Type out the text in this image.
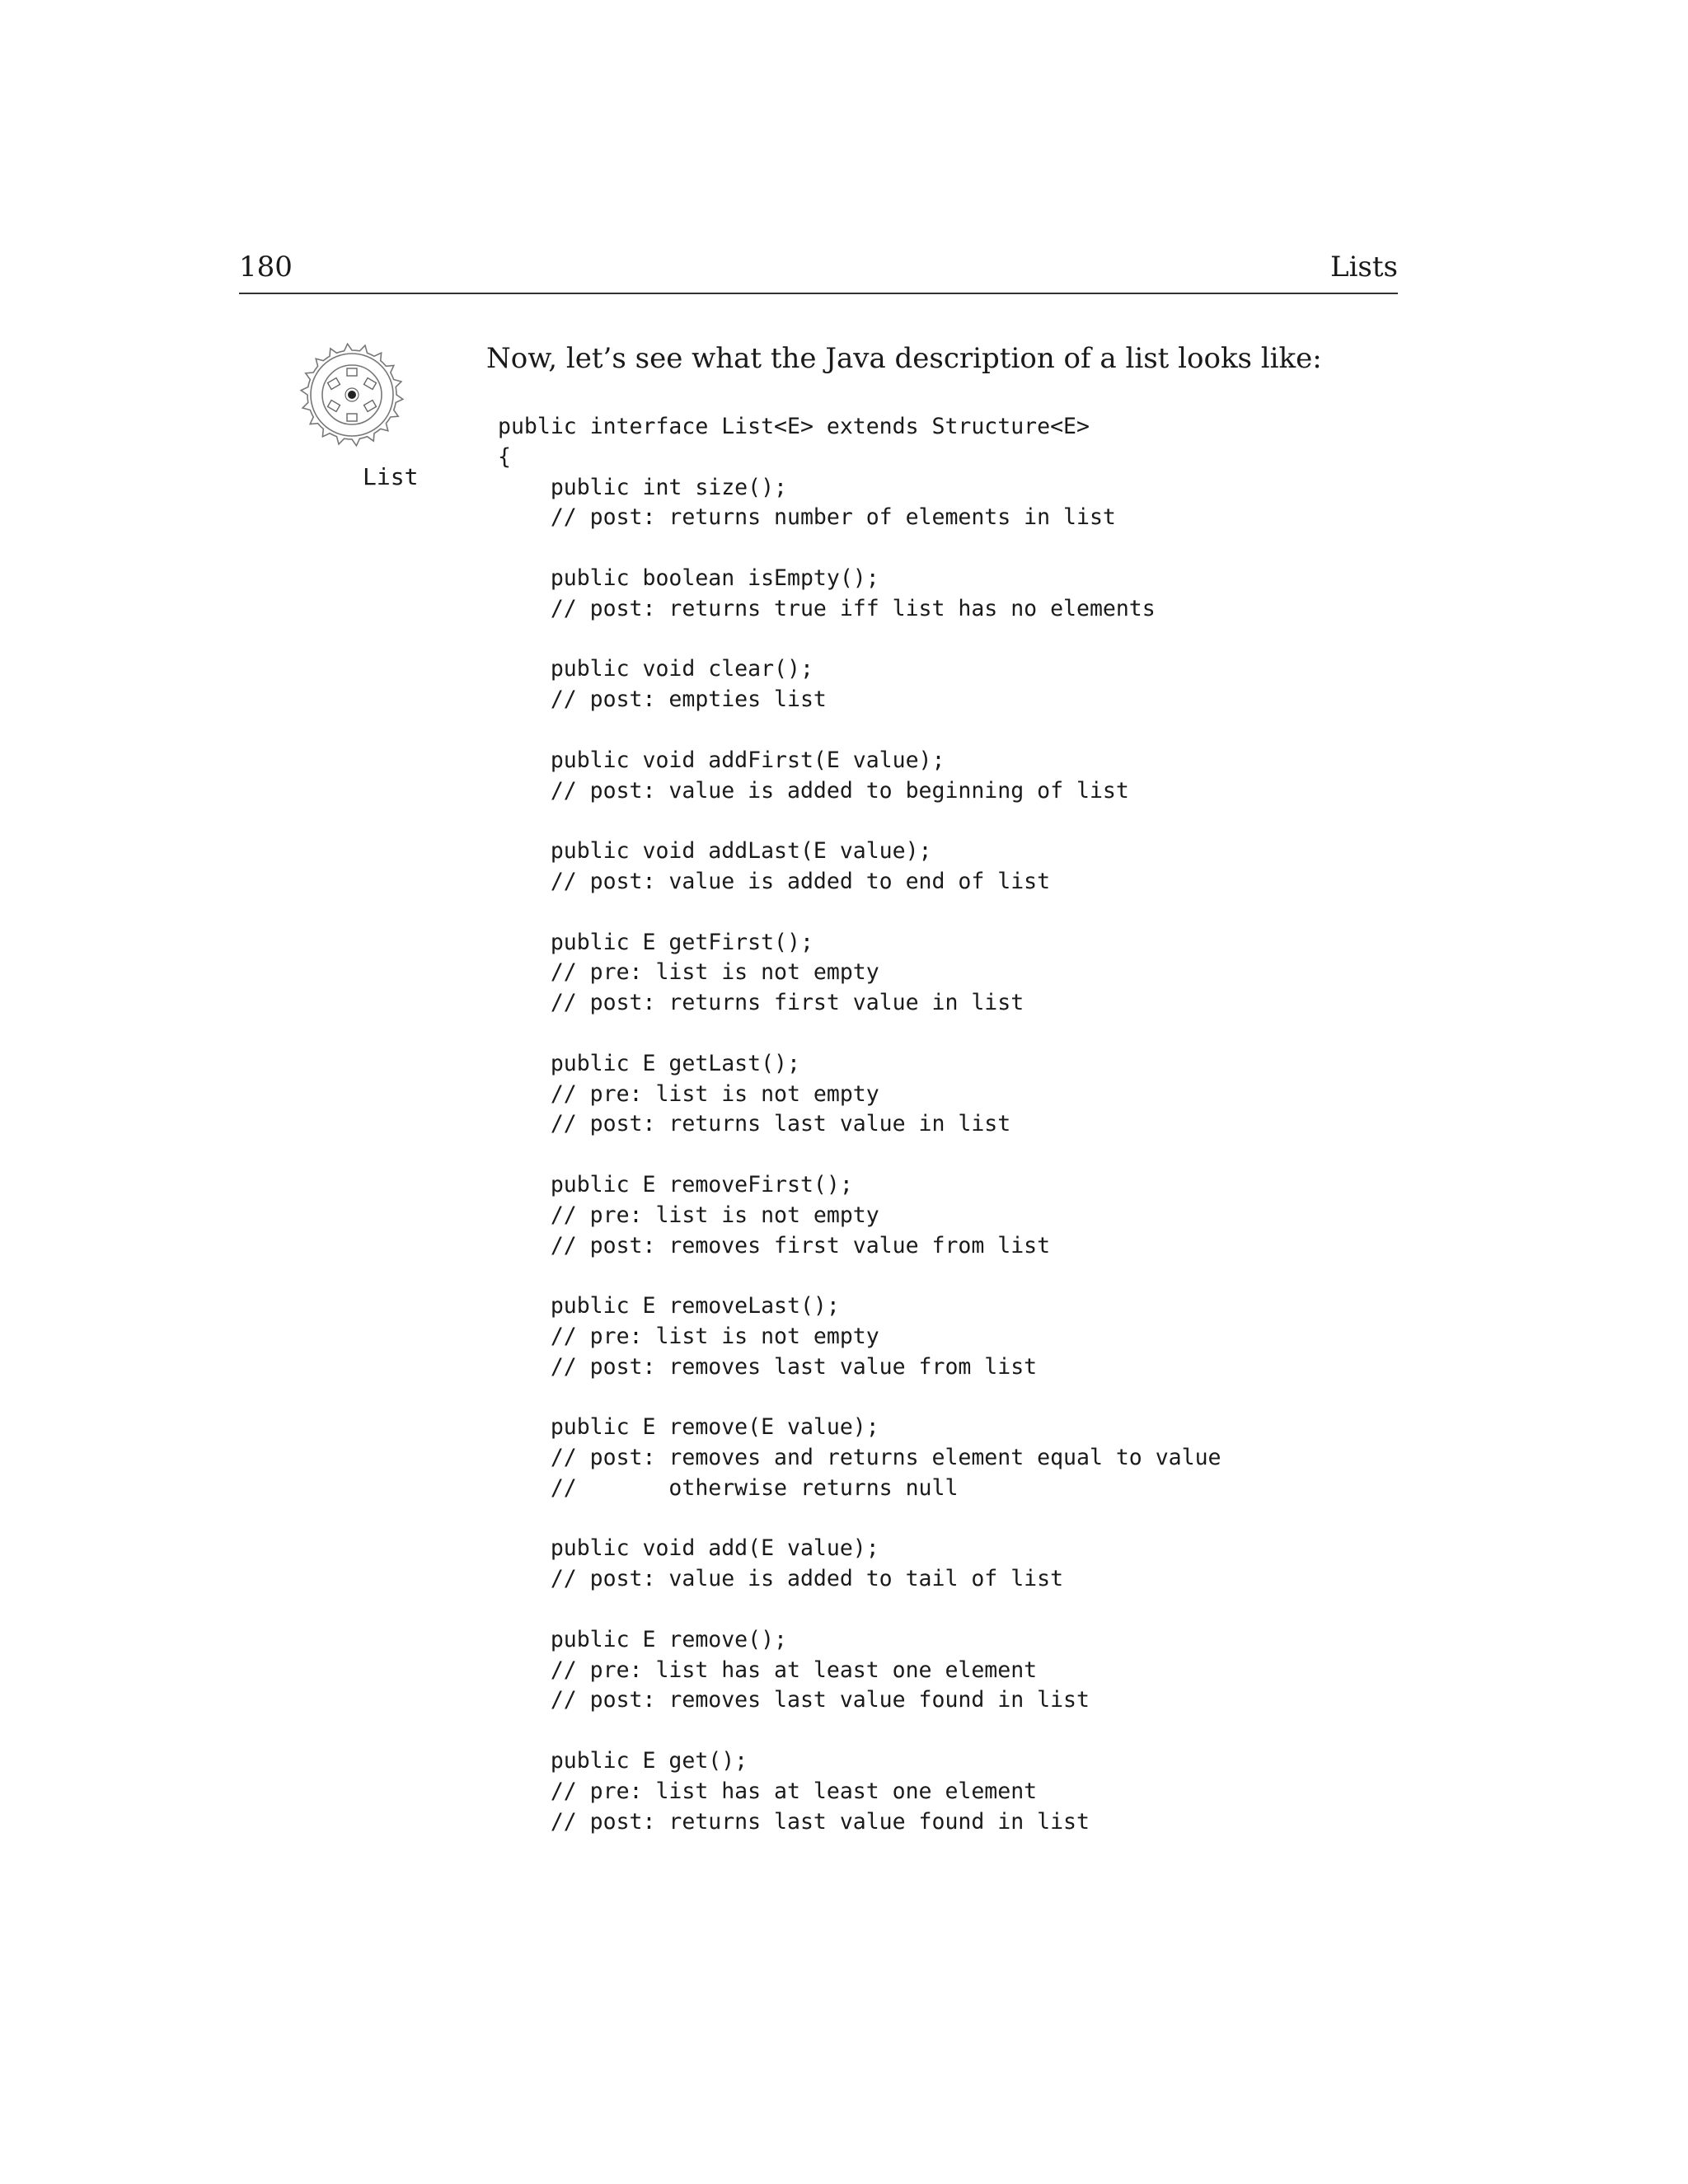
180	Lists
List
Now, let’s see what the Java description of a list looks like:
public interface List<E> extends Structure<E>
{
public int size();
// post: returns number of elements in list
public boolean isEmpty();
// post: returns true iff list has no elements
public void clear();
// post: empties list
public void addFirst(E value);
// post: value is added to beginning of list
public void addLast(E value);
// post: value is added to end of list
public E getFirst();
// pre: list is not empty
// post: returns first value in list
public E getLast();
// pre: list is not empty
// post: returns last value in list
public E removeFirst();
// pre: list is not empty
// post: removes first value from list
public E removeLast();
// pre: list is not empty
// post: removes last value from list
public E remove(E value);
// post: removes and returns element equal to value
//       otherwise returns null
public void add(E value);
// post: value is added to tail of list
public E remove();
// pre: list has at least one element
// post: removes last value found in list
public E get();
// pre: list has at least one element
// post: returns last value found in list
